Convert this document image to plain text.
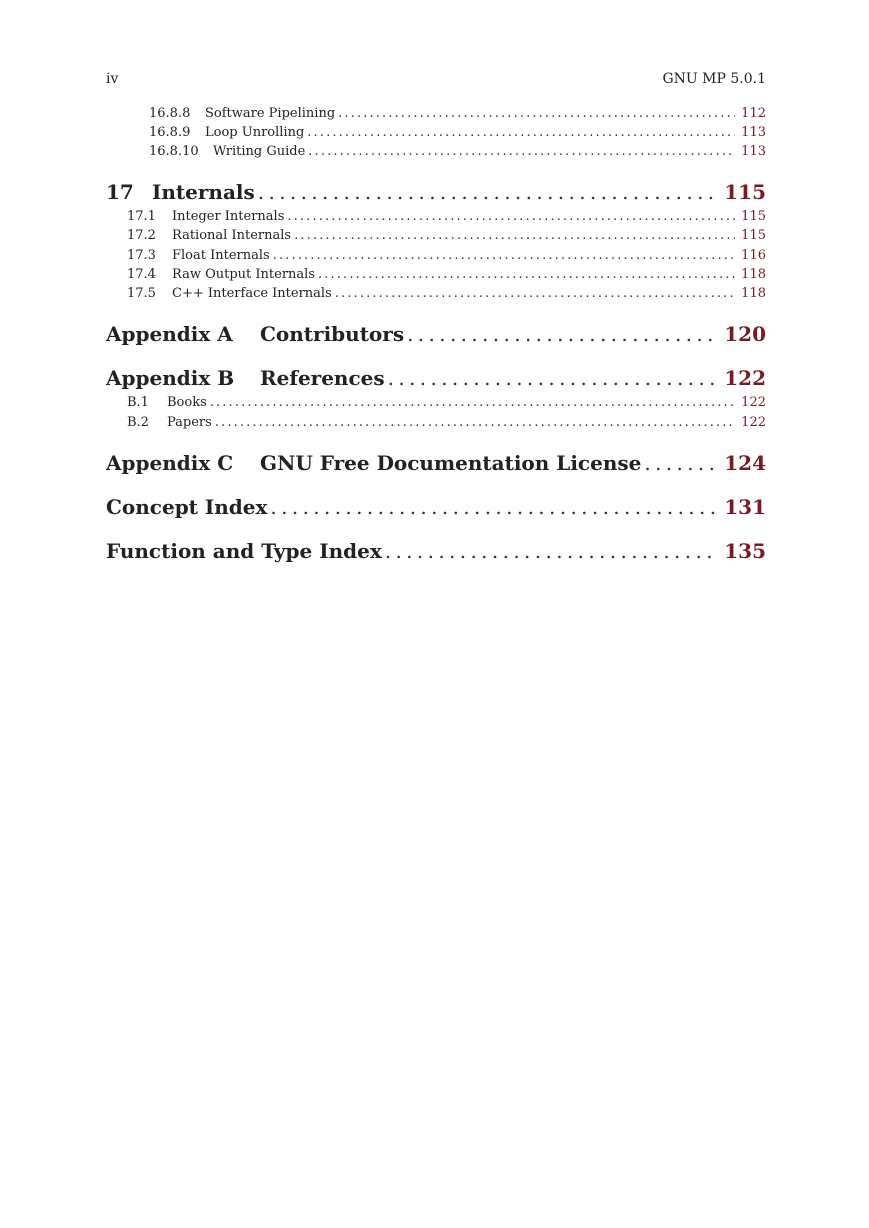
iv	GNU MP 5.0.1
16.8.8	Software Pipelining . . .	112
16.8.9	Loop Unrolling . . .	113
16.8.10	Writing Guide . . .	113
17 Internals . . .	115
17.1	Integer Internals . . .	115
17.2	Rational Internals . . .	115
17.3	Float Internals . . .	116
17.4	Raw Output Internals . . .	118
17.5	C++ Interface Internals . . .	118
Appendix A	Contributors . . .	120
Appendix B	References . . .	122
B.1	Books . . .	122
B.2	Papers . . .	122
Appendix C	GNU Free Documentation License . . .	124
Concept Index . . .	131
Function and Type Index . . .	135
